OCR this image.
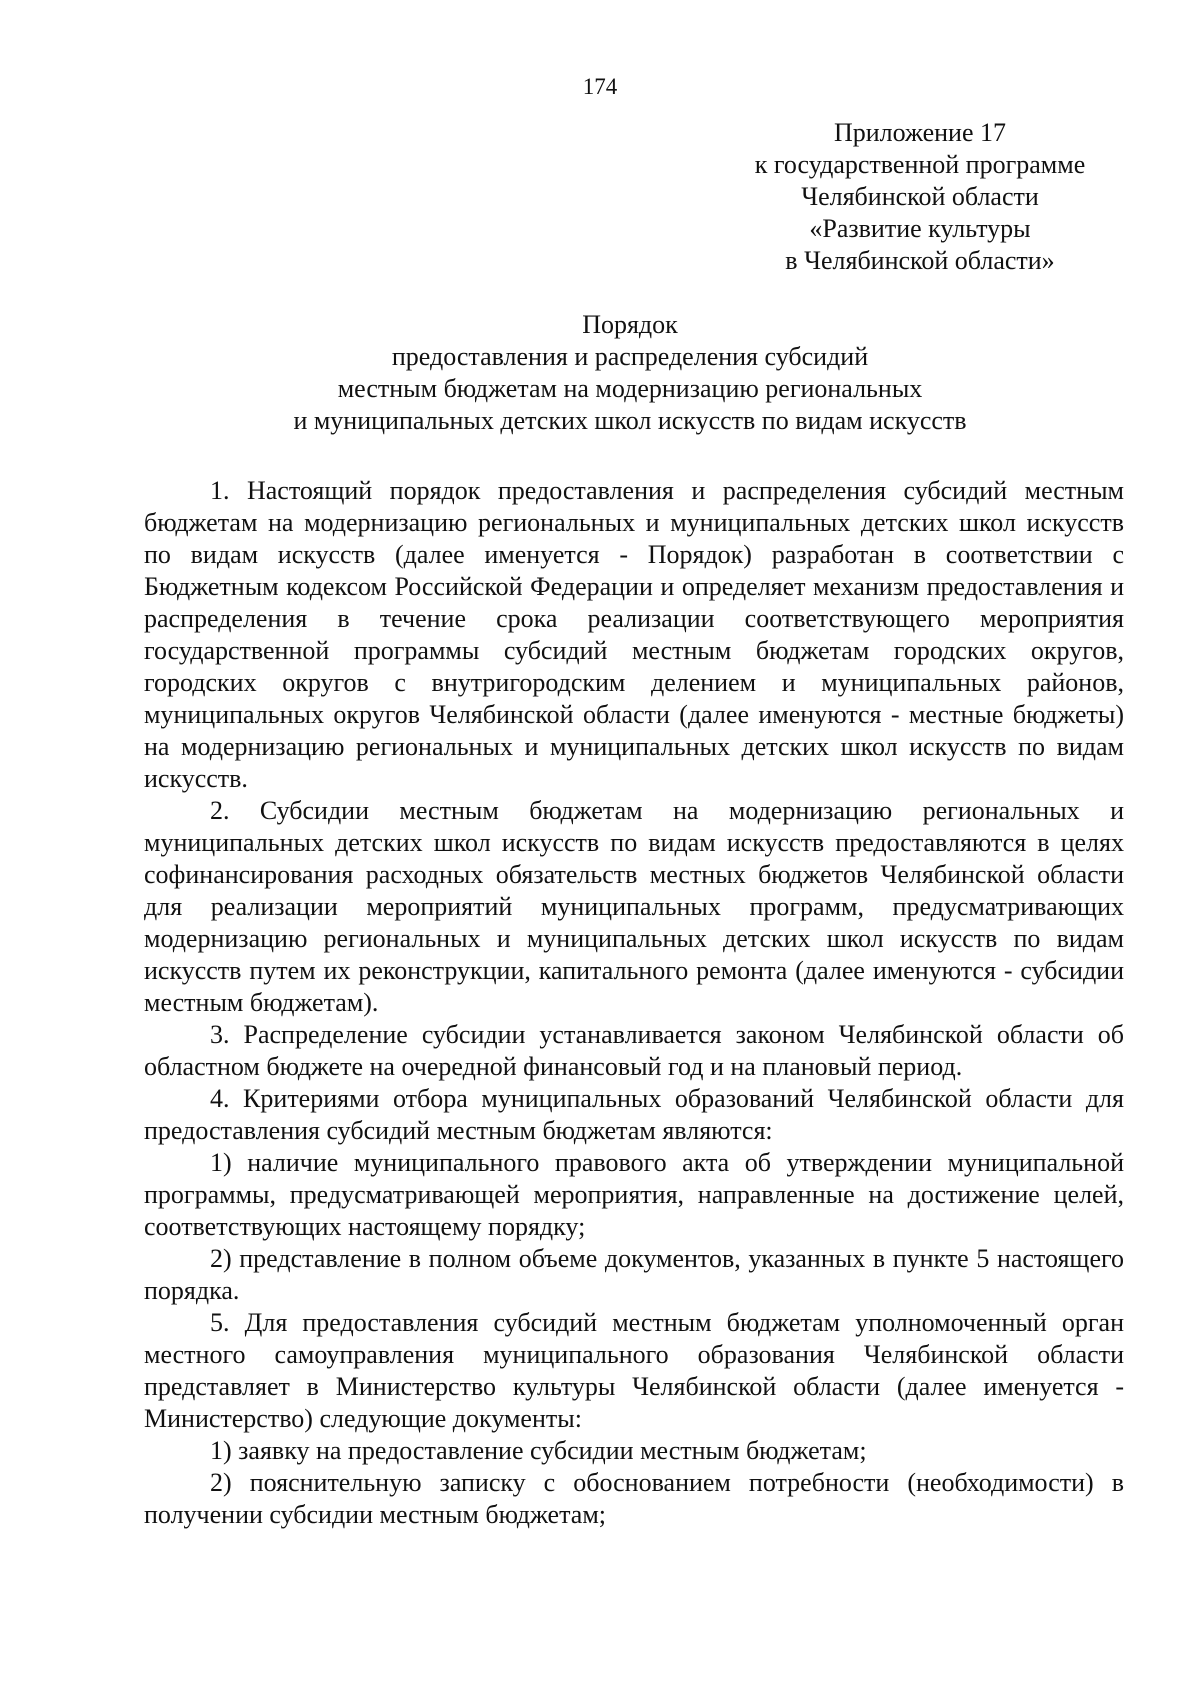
174
Приложение 17
к государственной программе
Челябинской области
«Развитие культуры
в Челябинской области»
Порядок
предоставления и распределения субсидий
местным бюджетам на модернизацию региональных
и муниципальных детских школ искусств по видам искусств

1. Настоящий порядок предоставления и распределения субсидий местным бюджетам на модернизацию региональных и муниципальных детских школ искусств по видам искусств (далее именуется - Порядок) разработан в соответствии с Бюджетным кодексом Российской Федерации и определяет механизм предоставления и распределения в течение срока реализации соответствующего мероприятия государственной программы субсидий местным бюджетам городских округов, городских округов с внутригородским делением и муниципальных районов, муниципальных округов Челябинской области (далее именуются - местные бюджеты) на модернизацию региональных и муниципальных детских школ искусств по видам искусств.

2. Субсидии местным бюджетам на модернизацию региональных и муниципальных детских школ искусств по видам искусств предоставляются в целях софинансирования расходных обязательств местных бюджетов Челябинской области для реализации мероприятий муниципальных программ, предусматривающих модернизацию региональных и муниципальных детских школ искусств по видам искусств путем их реконструкции, капитального ремонта (далее именуются - субсидии местным бюджетам).

3. Распределение субсидии устанавливается законом Челябинской области об областном бюджете на очередной финансовый год и на плановый период.

4. Критериями отбора муниципальных образований Челябинской области для предоставления субсидий местным бюджетам являются:

1) наличие муниципального правового акта об утверждении муниципальной программы, предусматривающей мероприятия, направленные на достижение целей, соответствующих настоящему порядку;

2) представление в полном объеме документов, указанных в пункте 5 настоящего порядка.

5. Для предоставления субсидий местным бюджетам уполномоченный орган местного самоуправления муниципального образования Челябинской области представляет в Министерство культуры Челябинской области (далее именуется - Министерство) следующие документы:

1) заявку на предоставление субсидии местным бюджетам;

2) пояснительную записку с обоснованием потребности (необходимости) в получении субсидии местным бюджетам;
